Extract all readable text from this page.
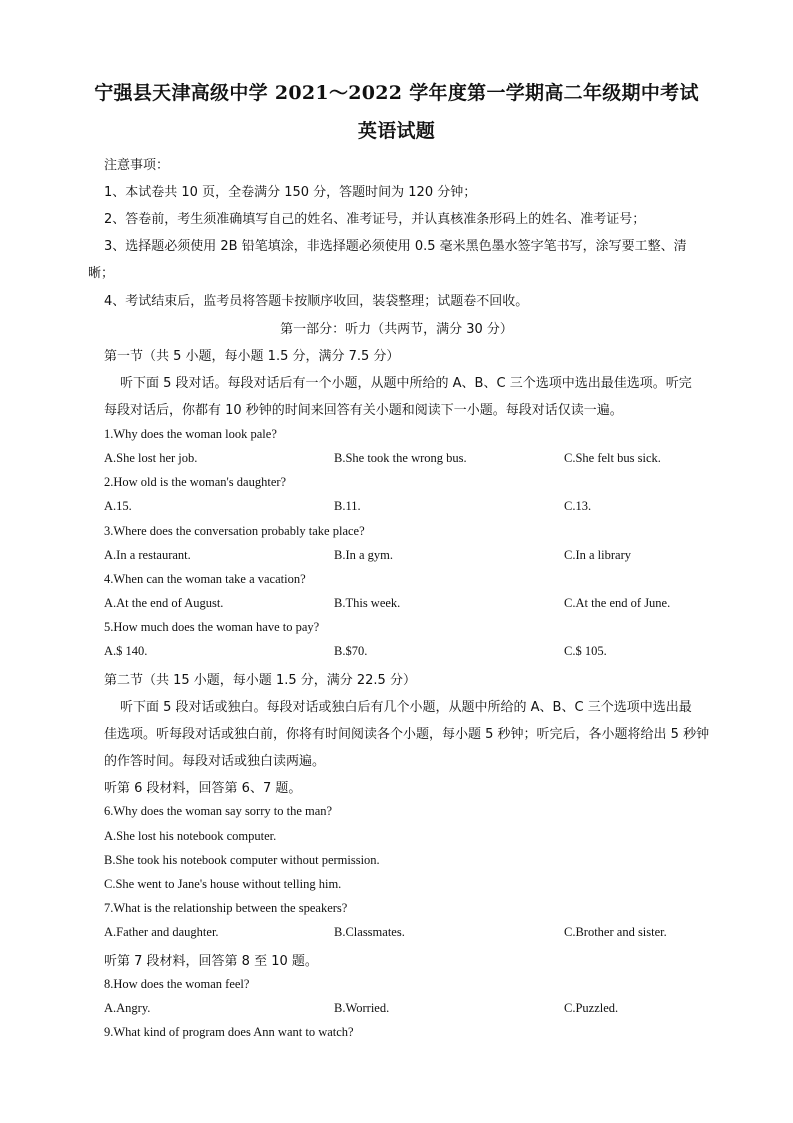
宁强县天津高级中学 2021～2022 学年度第一学期高二年级期中考试
英语试题
注意事项：
1、本试卷共 10 页，全卷满分 150 分，答题时间为 120 分钟；
2、答卷前，考生须准确填写自己的姓名、准考证号，并认真核准条形码上的姓名、准考证号；
3、选择题必须使用 2B 铅笔填涂，非选择题必须使用 0.5 毫米黑色墨水签字笔书写，涂写要工整、清
晰；
4、考试结束后，监考员将答题卡按顺序收回，装袋整理；试题卷不回收。
第一部分：听力（共两节，满分 30 分）
第一节（共 5 小题，每小题 1.5 分，满分 7.5 分）
听下面 5 段对话。每段对话后有一个小题，从题中所给的 A、B、C 三个选项中选出最佳选项。听完
每段对话后，你都有 10 秒钟的时间来回答有关小题和阅读下一小题。每段对话仅读一遍。
1.Why does the woman look pale?
A.She lost her job.	B.She took the wrong bus.	C.She felt bus sick.
2.How old is the woman's daughter?
A.15.	B.11.	C.13.
3.Where does the conversation probably take place?
A.In a restaurant.	B.In a gym.	C.In a library
4.When can the woman take a vacation?
A.At the end of August.	B.This week.	C.At the end of June.
5.How much does the woman have to pay?
A.$ 140.	B.$70.	C.$ 105.
第二节（共 15 小题，每小题 1.5 分，满分 22.5 分）
听下面 5 段对话或独白。每段对话或独白后有几个小题，从题中所给的 A、B、C 三个选项中选出最
佳选项。听每段对话或独白前，你将有时间阅读各个小题，每小题 5 秒钟；听完后，各小题将给出 5 秒钟
的作答时间。每段对话或独白读两遍。
听第 6 段材料，回答第 6、7 题。
6.Why does the woman say sorry to the man?
A.She lost his notebook computer.
B.She took his notebook computer without permission.
C.She went to Jane's house without telling him.
7.What is the relationship between the speakers?
A.Father and daughter.	B.Classmates.	C.Brother and sister.
听第 7 段材料，回答第 8 至 10 题。
8.How does the woman feel?
A.Angry.	B.Worried.	C.Puzzled.
9.What kind of program does Ann want to watch?
